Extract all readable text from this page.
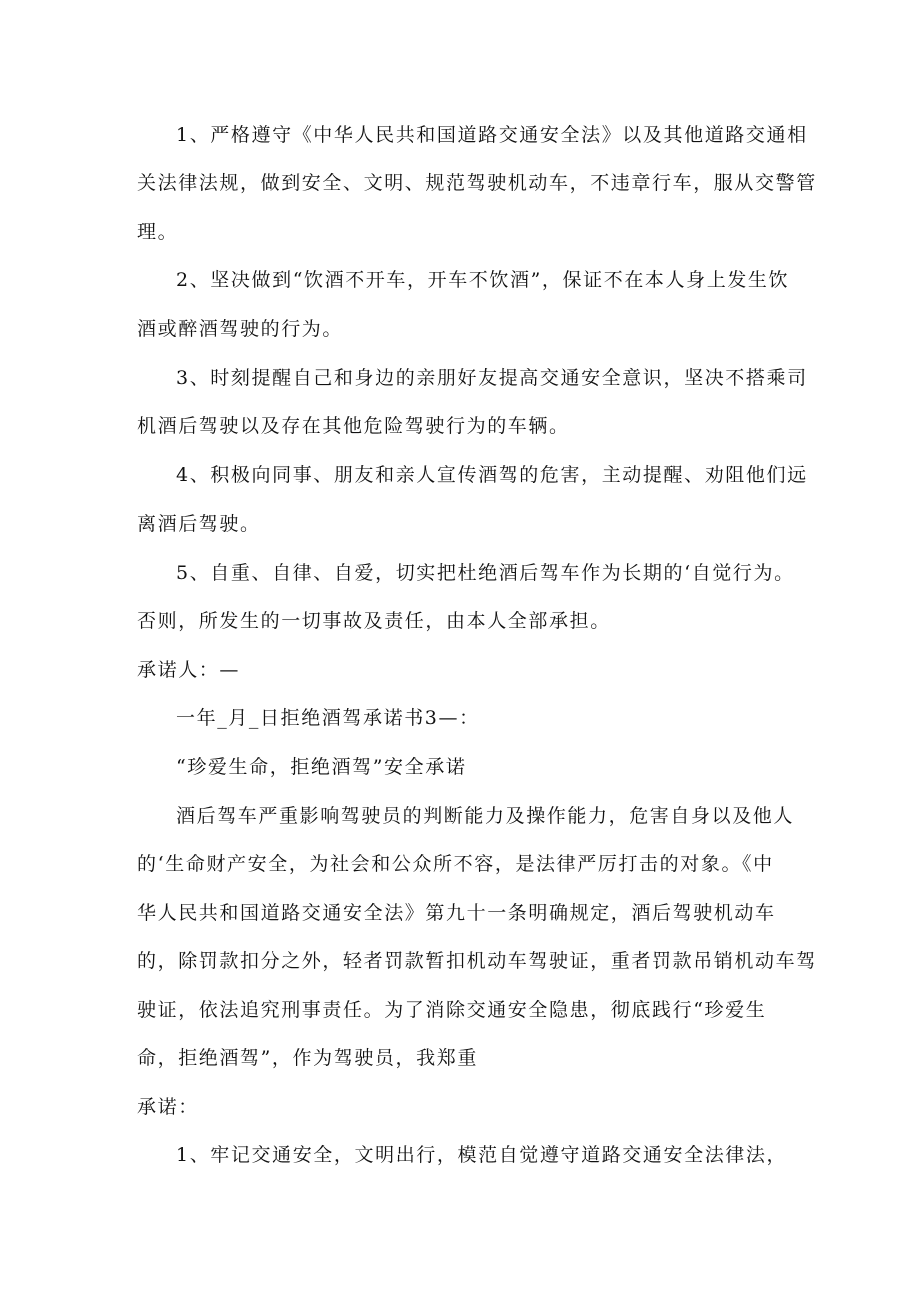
1、严格遵守《中华人民共和国道路交通安全法》以及其他道路交通相
关法律法规，做到安全、文明、规范驾驶机动车，不违章行车，服从交警管
理。
2、坚决做到“饮酒不开车，开车不饮酒”，保证不在本人身上发生饮
酒或醉酒驾驶的行为。
3、时刻提醒自己和身边的亲朋好友提高交通安全意识，坚决不搭乘司
机酒后驾驶以及存在其他危险驾驶行为的车辆。
4、积极向同事、朋友和亲人宣传酒驾的危害，主动提醒、劝阻他们远
离酒后驾驶。
5、自重、自律、自爱，切实把杜绝酒后驾车作为长期的‘自觉行为。
否则，所发生的一切事故及责任，由本人全部承担。
承诺人：—
一年_月_日拒绝酒驾承诺书3—：
“珍爱生命，拒绝酒驾”安全承诺
酒后驾车严重影响驾驶员的判断能力及操作能力，危害自身以及他人
的‘生命财产安全，为社会和公众所不容，是法律严厉打击的对象。《中
华人民共和国道路交通安全法》第九十一条明确规定，酒后驾驶机动车
的，除罚款扣分之外，轻者罚款暂扣机动车驾驶证，重者罚款吊销机动车驾
驶证，依法追究刑事责任。为了消除交通安全隐患，彻底践行“珍爱生
命，拒绝酒驾”，作为驾驶员，我郑重
承诺：
1、牢记交通安全，文明出行，模范自觉遵守道路交通安全法律法，
